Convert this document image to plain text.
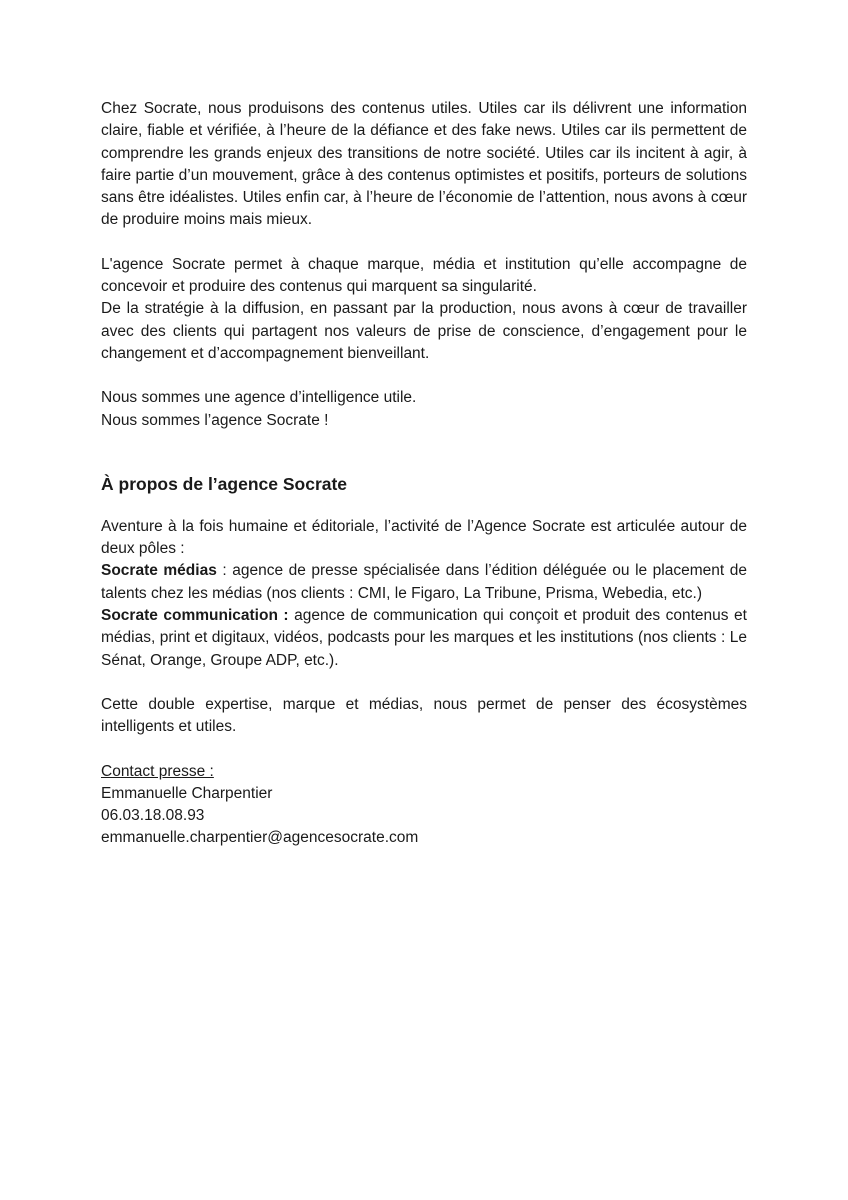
Chez Socrate, nous produisons des contenus utiles. Utiles car ils délivrent une information claire, fiable et vérifiée, à l’heure de la défiance et des fake news. Utiles car ils permettent de comprendre les grands enjeux des transitions de notre société. Utiles car ils incitent à agir, à faire partie d’un mouvement, grâce à des contenus optimistes et positifs, porteurs de solutions sans être idéalistes. Utiles enfin car, à l’heure de l’économie de l’attention, nous avons à cœur de produire moins mais mieux.

L'agence Socrate permet à chaque marque, média et institution qu’elle accompagne de concevoir et produire des contenus qui marquent sa singularité.
De la stratégie à la diffusion, en passant par la production, nous avons à cœur de travailler avec des clients qui partagent nos valeurs de prise de conscience, d’engagement pour le changement et d’accompagnement bienveillant.

Nous sommes une agence d’intelligence utile.
Nous sommes l’agence Socrate !

À propos de l’agence Socrate

Aventure à la fois humaine et éditoriale, l’activité de l’Agence Socrate est articulée autour de deux pôles :
Socrate médias : agence de presse spécialisée dans l’édition déléguée ou le placement de talents chez les médias (nos clients : CMI, le Figaro, La Tribune, Prisma, Webedia, etc.)
Socrate communication : agence de communication qui conçoit et produit des contenus et médias, print et digitaux, vidéos, podcasts pour les marques et les institutions (nos clients : Le Sénat, Orange, Groupe ADP, etc.).

Cette double expertise, marque et médias, nous permet de penser des écosystèmes intelligents et utiles.

Contact presse :
Emmanuelle Charpentier
06.03.18.08.93
emmanuelle.charpentier@agencesocrate.com
